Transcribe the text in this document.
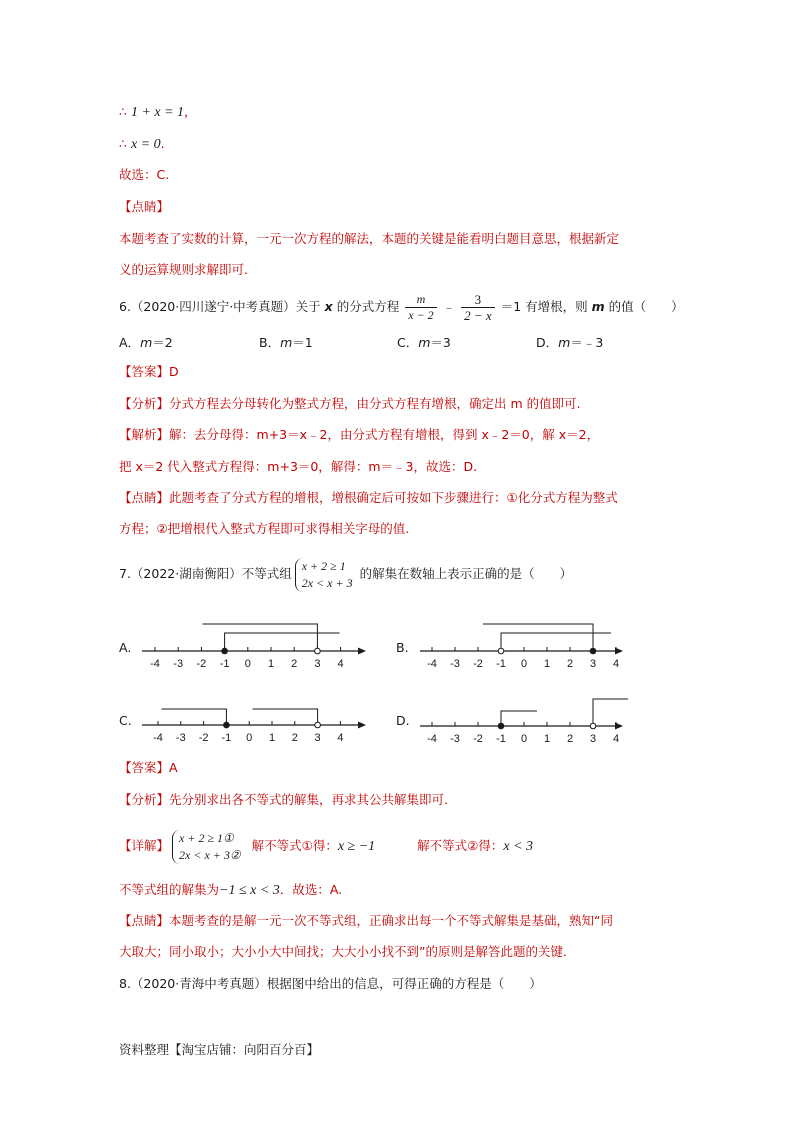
∴ 1 + x = 1，
∴ x = 0.
故选：C.
【点睛】
本题考查了实数的计算，一元一次方程的解法，本题的关键是能看明白题目意思，根据新定
义的运算规则求解即可.
6.（2020·四川遂宁·中考真题）关于 x 的分式方程 $\frac{m}{x - 2}$ ﹣ $\frac{3}{2 - x} =1$ 有增根，则 m 的值（　　）
A．m＝2	B．m＝1	C．m＝3	D．m＝﹣3
【答案】D
【分析】分式方程去分母转化为整式方程，由分式方程有增根，确定出 m 的值即可.
【解析】解：去分母得：m+3＝x﹣2，由分式方程有增根，得到 x﹣2＝0，解 x＝2，
把 x＝2 代入整式方程得：m+3＝0，解得：m＝﹣3，故选：D.
【点睛】此题考查了分式方程的增根，增根确定后可按如下步骤进行：①化分式方程为整式
方程；②把增根代入整式方程即可求得相关字母的值.
7.（2022·湖南衡阳）不等式组
x + 2 ≥ 1
2x < x + 3
的解集在数轴上表示正确的是（　　）
A.	B.
C.	D.
-4 -3 -2 -1 0 1 2 3 4	-4 -3 -2 -1 0 1 2 3 4
-4 -3 -2 -1 0 1 2 3 4	-4 -3 -2 -1 0 1 2 3 4
【答案】A
【分析】先分别求出各不等式的解集，再求其公共解集即可.
【详解】
x + 2 ≥ 1①
2x < x + 3②
解不等式①得：x ≥ −1	解不等式②得：x < 3
不等式组的解集为−1 ≤ x < 3．故选：A.
【点睛】本题考查的是解一元一次不等式组，正确求出每一个不等式解集是基础，熟知“同
大取大；同小取小；大小小大中间找；大大小小找不到”的原则是解答此题的关键.
8.（2020·青海中考真题）根据图中给出的信息，可得正确的方程是（　　）
资料整理【淘宝店铺：向阳百分百】
